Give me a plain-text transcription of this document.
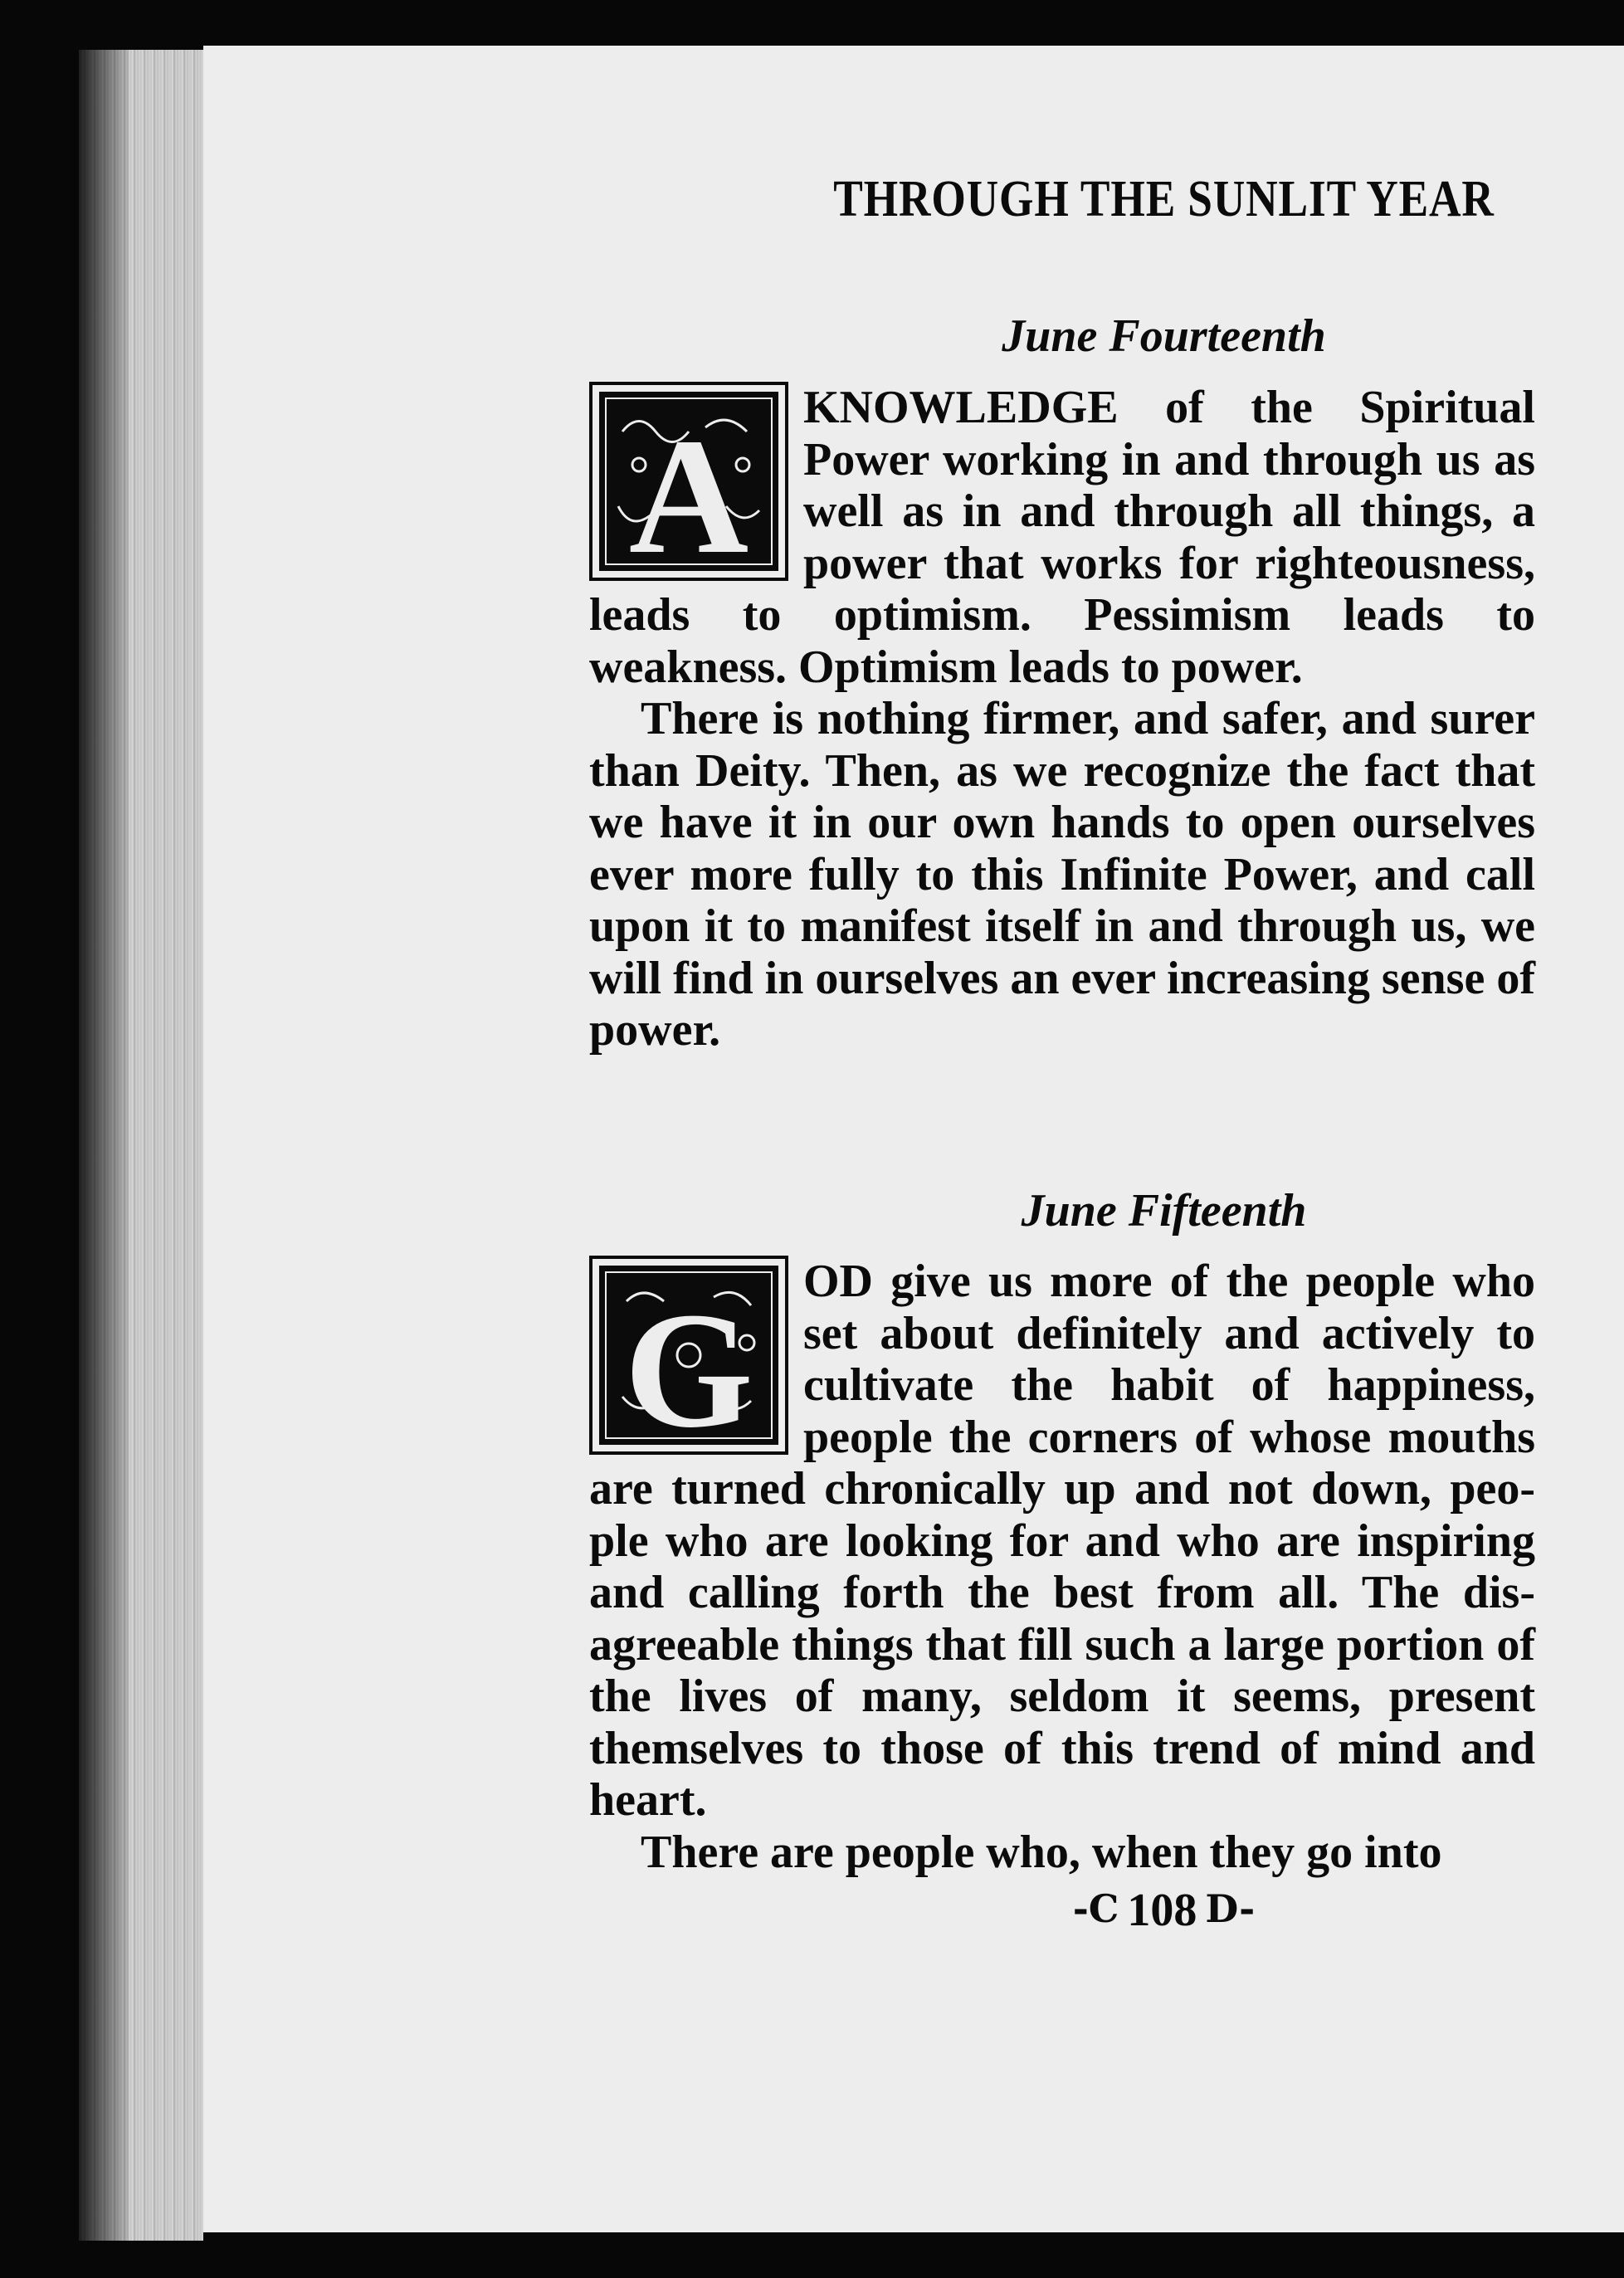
THROUGH THE SUNLIT YEAR
June Fourteenth
A	KNOWLEDGE of the Spiritual Power working in and through us as well as in and through all things, a power that works for righteousness, leads to optimism. Pessimism leads to weakness. Optimism leads to power.

There is nothing firmer, and safer, and surer than Deity. Then, as we recognize the fact that we have it in our own hands to open ourselves ever more fully to this Infinite Power, and call upon it to manifest itself in and through us, we will find in ourselves an ever increasing sense of power.

June Fifteenth
G	OD give us more of the people who set about definitely and actively to cultivate the habit of happiness, people the corners of whose mouths are turned chronically up and not down, peo-ple who are looking for and who are inspiring and calling forth the best from all. The dis-agreeable things that fill such a large portion of the lives of many, seldom it seems, present themselves to those of this trend of mind and heart.

There are people who, when they go into

-C 108 D-
